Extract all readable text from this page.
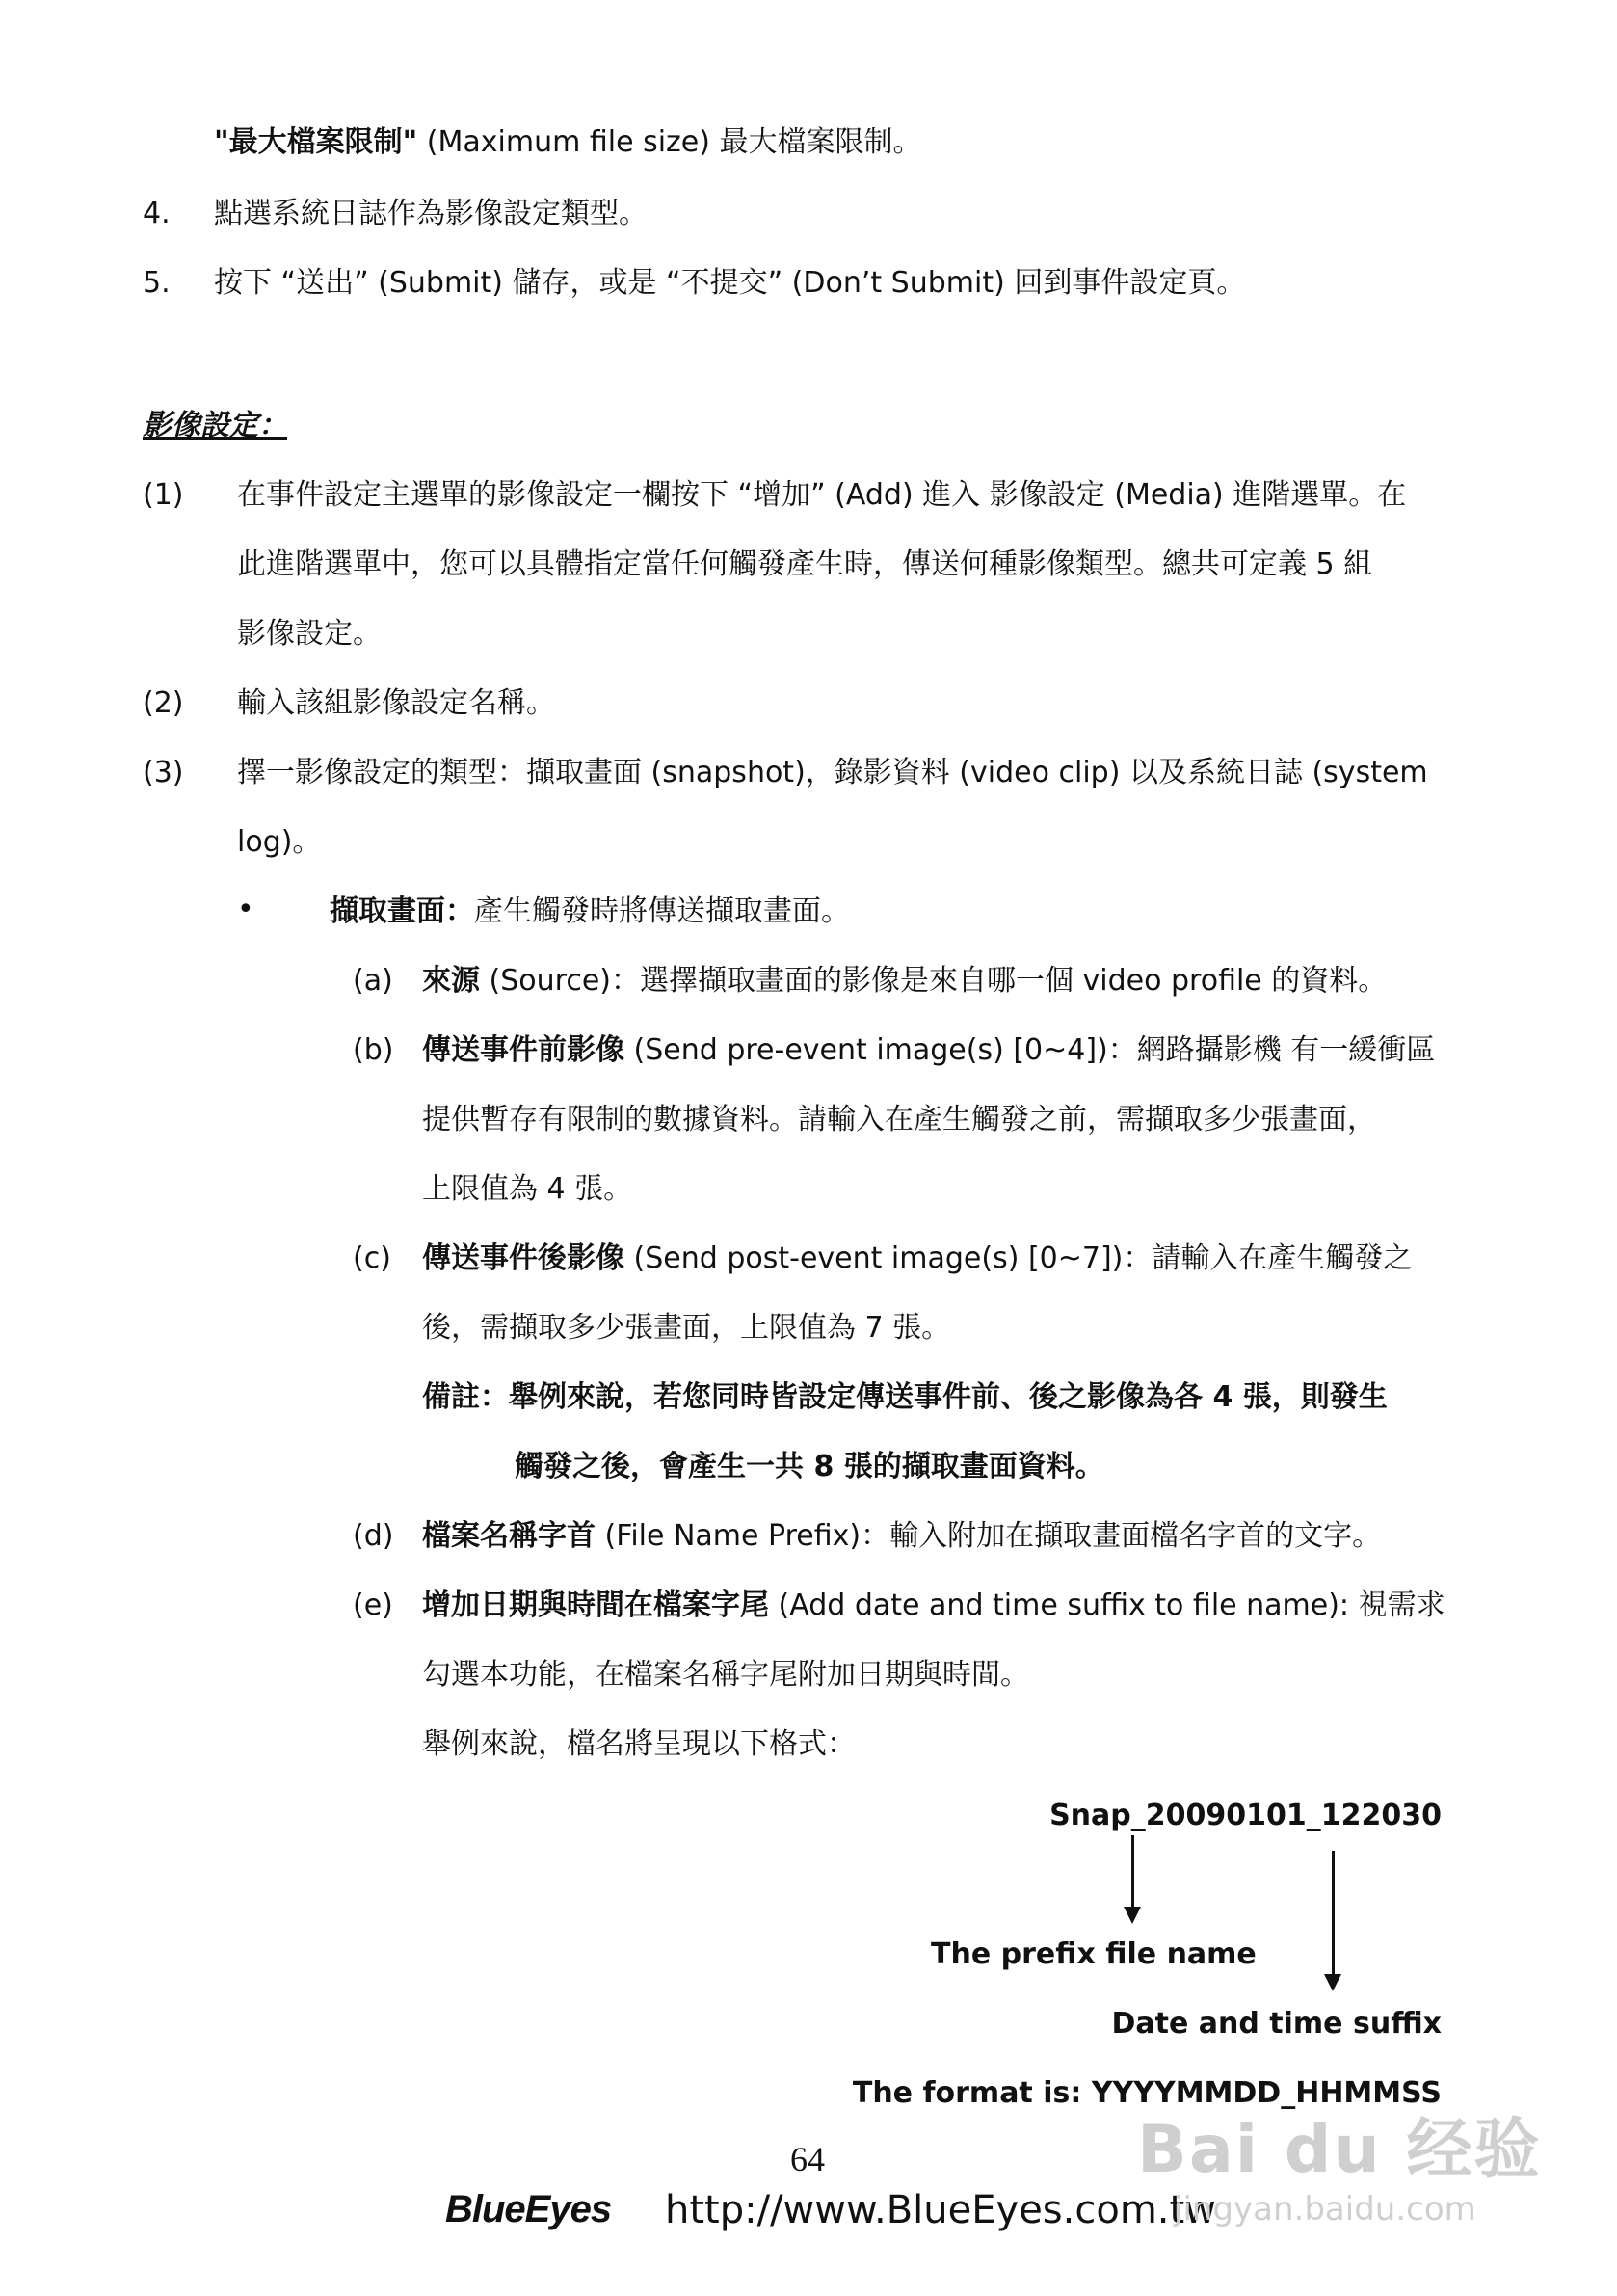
"最大檔案限制" (Maximum file size) 最大檔案限制。
4. 點選系統日誌作為影像設定類型。
5. 按下 “送出” (Submit) 儲存，或是 “不提交” (Don’t Submit) 回到事件設定頁。
影像設定：
(1) 在事件設定主選單的影像設定一欄按下 “增加” (Add) 進入 影像設定 (Media) 進階選單。在
此進階選單中，您可以具體指定當任何觸發產生時，傳送何種影像類型。總共可定義 5 組
影像設定。
(2) 輸入該組影像設定名稱。
(3) 擇一影像設定的類型：擷取畫面 (snapshot)，錄影資料 (video clip) 以及系統日誌 (system
log)。
•	擷取畫面：產生觸發時將傳送擷取畫面。
(a) 來源 (Source)：選擇擷取畫面的影像是來自哪一個 video profile 的資料。
(b) 傳送事件前影像 (Send pre-event image(s) [0~4])：網路攝影機 有一緩衝區
提供暫存有限制的數據資料。請輸入在產生觸發之前，需擷取多少張畫面，
上限值為 4 張。
(c) 傳送事件後影像 (Send post-event image(s) [0~7])：請輸入在產生觸發之
後，需擷取多少張畫面，上限值為 7 張。
備註：舉例來說，若您同時皆設定傳送事件前、後之影像為各 4 張，則發生
觸發之後，會產生一共 8 張的擷取畫面資料。
(d) 檔案名稱字首 (File Name Prefix)：輸入附加在擷取畫面檔名字首的文字。
(e) 增加日期與時間在檔案字尾 (Add date and time suffix to file name): 視需求
勾選本功能，在檔案名稱字尾附加日期與時間。
舉例來說，檔名將呈現以下格式：
Snap_20090101_122030
The prefix file name
Date and time suffix
The format is: YYYYMMDD_HHMMSS
64
BlueEyes http://www.BlueEyes.com.tw
Bai du 经验
jingyan.baidu.com
